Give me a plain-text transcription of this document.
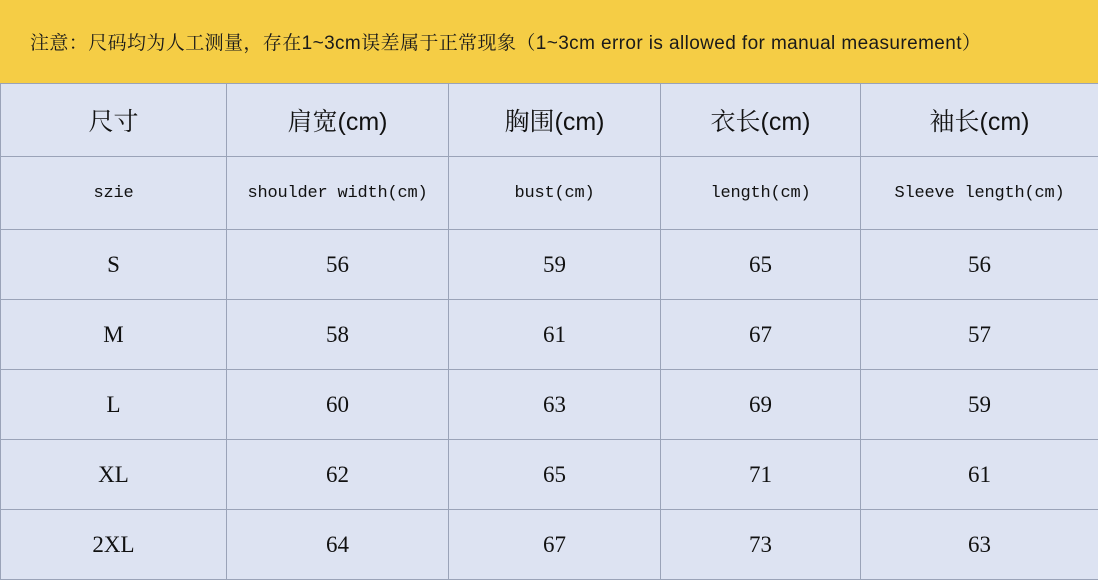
注意：尺码均为人工测量，存在1~3cm误差属于正常现象（1~3cm error is allowed for manual measurement）
尺寸	肩宽(cm)	胸围(cm)	衣长(cm)	袖长(cm)
szie	shoulder width(cm)	bust(cm)	length(cm)	Sleeve length(cm)
S	56	59	65	56
M	58	61	67	57
L	60	63	69	59
XL	62	65	71	61
2XL	64	67	73	63
